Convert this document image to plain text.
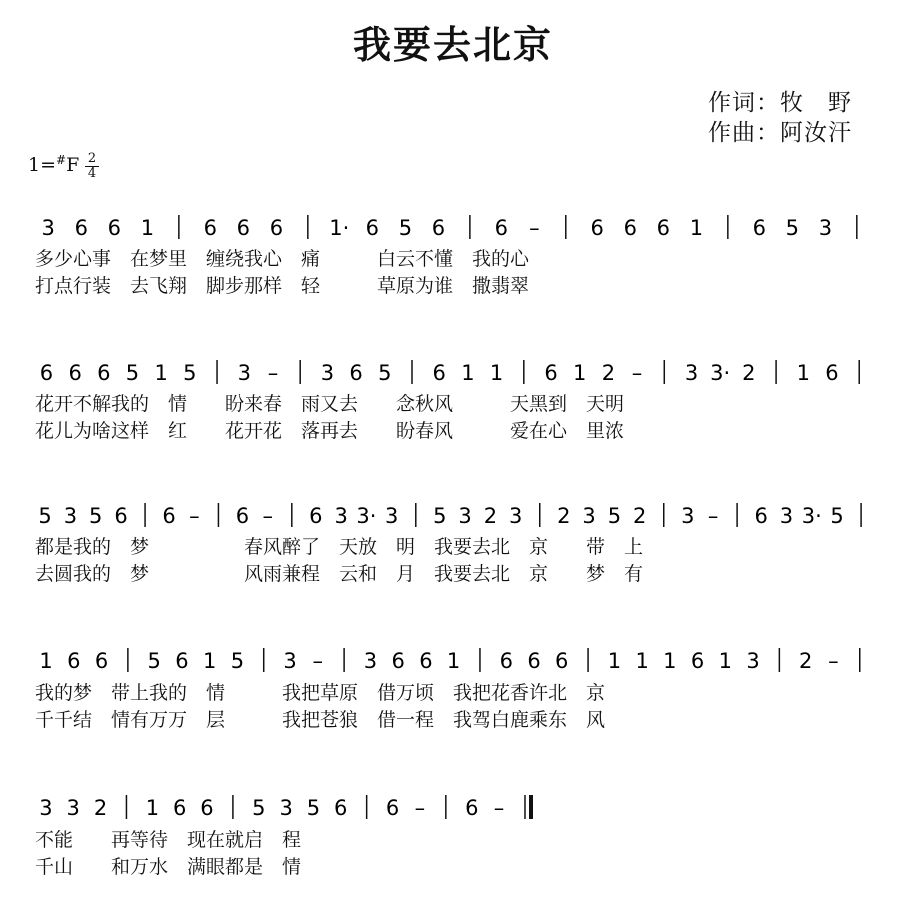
我要去北京
作词：牧　野
作曲：阿汝汗
$1=^{\#}F \frac{2}{4}$
3 6 6 1 6 6 6 1· 6 5 6 6 – 6 6 6 1 6 5 3
6 6 6 5 1 5 3 – 3 6 5 6 1 1 6 1 2 – 3 3· 2 1 6
5 3 5 6 6 – 6 – 6 3 3· 3 5 3 2 3 2 3 5 2 3 – 6 3 3· 5
1 6 6 5 6 1 5 3 – 3 6 6 1 6 6 6 1 1 1 6 1 3 2 –
3 3 2 1 6 6 5 3 5 6 6 – 6 –
多少心事　在梦里　缠绕我心　痛　　　白云不懂　我的心
打点行装　去飞翔　脚步那样　轻　　　草原为谁　撒翡翠
花开不解我的　情　　盼来春　雨又去　　念秋风　　　天黑到　天明
花儿为啥这样　红　　花开花　落再去　　盼春风　　　爱在心　里浓
都是我的　梦　　　　　春风醉了　天放　明　我要去北　京　　带　上
去圆我的　梦　　　　　风雨兼程　云和　月　我要去北　京　　梦　有
我的梦　带上我的　情　　　我把草原　借万顷　我把花香许北　京
千千结　情有万万　层　　　我把苍狼　借一程　我驾白鹿乘东　风
不能　　再等待　现在就启　程
千山　　和万水　满眼都是　情
